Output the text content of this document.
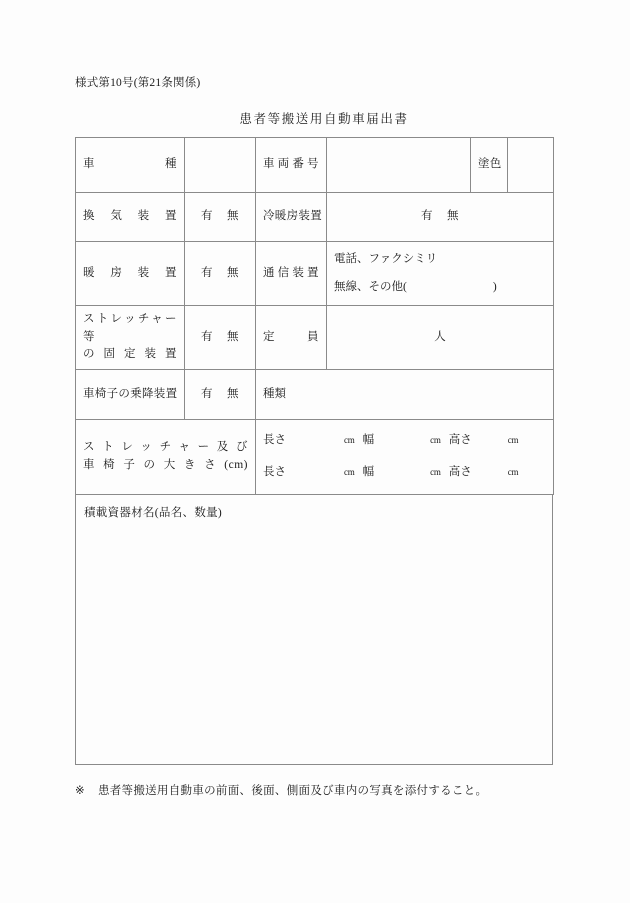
様式第10号(第21条関係)
患者等搬送用自動車届出書
車種		車両番号		塗色	
換気装置	有 無	冷暖房装置	有 無		
暖房装置	有 無	通信装置	電話、ファクシミリ
無線、その他( )		

ストレッチャー等
の固定装置	有 無	定員	人		
車椅子の乗降装置	有 無	種類			

ストレッチャー及び
車椅子の大きさ(cm)		長さ cm 幅 cm 高さ cm
長さ cm 幅 cm 高さ cm			
積載資器材名(品名、数量)
※ 患者等搬送用自動車の前面、後面、側面及び車内の写真を添付すること。
